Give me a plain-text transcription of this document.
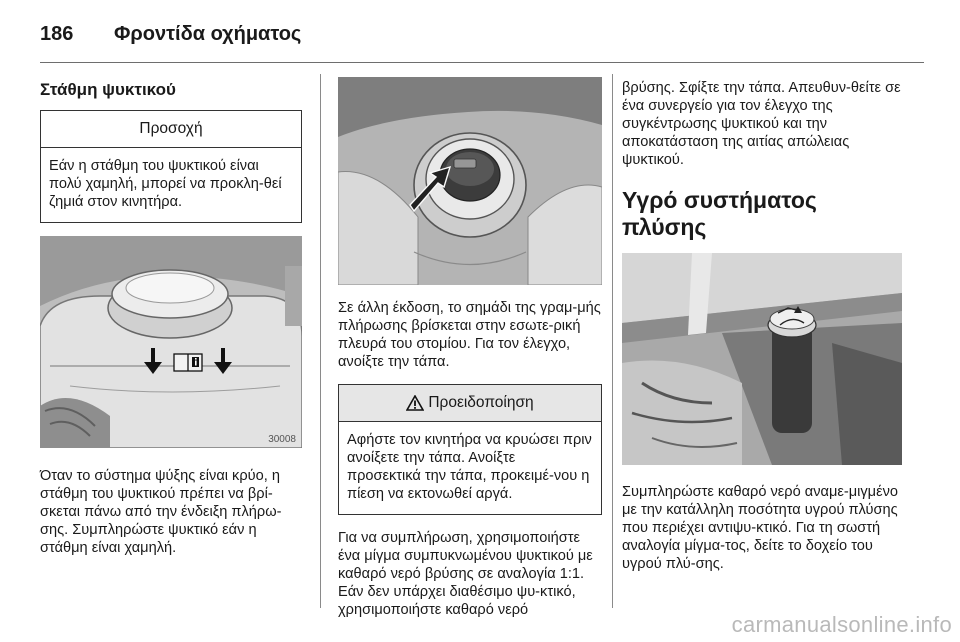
186	Φροντίδα οχήματος
Στάθμη ψυκτικού
Προσοχή
Εάν η στάθμη του ψυκτικού είναι πολύ χαμηλή, μπορεί να προκλη-θεί ζημιά στον κινητήρα.
30008
Όταν το σύστημα ψύξης είναι κρύο, η στάθμη του ψυκτικού πρέπει να βρί-σκεται πάνω από την ένδειξη πλήρω-σης. Συμπληρώστε ψυκτικό εάν η στάθμη είναι χαμηλή.
Σε άλλη έκδοση, το σημάδι της γραμ-μής πλήρωσης βρίσκεται στην εσωτε-ρική πλευρά του στομίου. Για τον έλεγχο, ανοίξτε την τάπα.
Προειδοποίηση
Αφήστε τον κινητήρα να κρυώσει πριν ανοίξετε την τάπα. Ανοίξτε προσεκτικά την τάπα, προκειμέ-νου η πίεση να εκτονωθεί αργά.
Για να συμπλήρωση, χρησιμοποιήστε ένα μίγμα συμπυκνωμένου ψυκτικού με καθαρό νερό βρύσης σε αναλογία 1:1. Εάν δεν υπάρχει διαθέσιμο ψυ-κτικό, χρησιμοποιήστε καθαρό νερό
βρύσης. Σφίξτε την τάπα. Απευθυν-θείτε σε ένα συνεργείο για τον έλεγχο της συγκέντρωσης ψυκτικού και την αποκατάσταση της αιτίας απώλειας ψυκτικού.
Υγρό συστήματος πλύσης
Συμπληρώστε καθαρό νερό αναμε-μιγμένο με την κατάλληλη ποσότητα υγρού πλύσης που περιέχει αντιψυ-κτικό. Για τη σωστή αναλογία μίγμα-τος, δείτε το δοχείο του υγρού πλύ-σης.
carmanualsonline.info
